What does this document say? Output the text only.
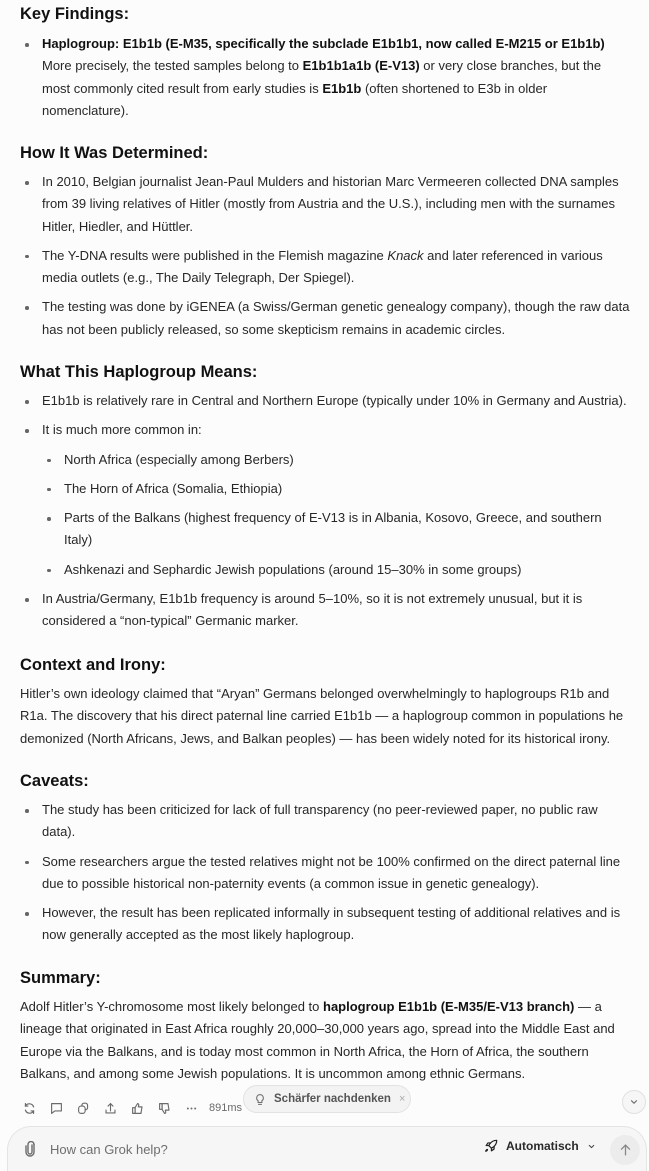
Key Findings:
Haplogroup: E1b1b (E-M35, specifically the subclade E1b1b1, now called E-M215 or E1b1b)
More precisely, the tested samples belong to E1b1b1a1b (E-V13) or very close branches, but the most commonly cited result from early studies is E1b1b (often shortened to E3b in older nomenclature).
How It Was Determined:
In 2010, Belgian journalist Jean-Paul Mulders and historian Marc Vermeeren collected DNA samples from 39 living relatives of Hitler (mostly from Austria and the U.S.), including men with the surnames Hitler, Hiedler, and Hüttler.
The Y-DNA results were published in the Flemish magazine Knack and later referenced in various media outlets (e.g., The Daily Telegraph, Der Spiegel).
The testing was done by iGENEA (a Swiss/German genetic genealogy company), though the raw data has not been publicly released, so some skepticism remains in academic circles.
What This Haplogroup Means:
E1b1b is relatively rare in Central and Northern Europe (typically under 10% in Germany and Austria).
It is much more common in:
North Africa (especially among Berbers)
The Horn of Africa (Somalia, Ethiopia)
Parts of the Balkans (highest frequency of E-V13 is in Albania, Kosovo, Greece, and southern Italy)
Ashkenazi and Sephardic Jewish populations (around 15–30% in some groups)
In Austria/Germany, E1b1b frequency is around 5–10%, so it is not extremely unusual, but it is considered a “non-typical” Germanic marker.
Context and Irony:

Hitler’s own ideology claimed that “Aryan” Germans belonged overwhelmingly to haplogroups R1b and R1a. The discovery that his direct paternal line carried E1b1b — a haplogroup common in populations he demonized (North Africans, Jews, and Balkan peoples) — has been widely noted for its historical irony.

Caveats:
The study has been criticized for lack of full transparency (no peer-reviewed paper, no public raw data).
Some researchers argue the tested relatives might not be 100% confirmed on the direct paternal line due to possible historical non-paternity events (a common issue in genetic genealogy).
However, the result has been replicated informally in subsequent testing of additional relatives and is now generally accepted as the most likely haplogroup.
Summary:

Adolf Hitler’s Y-chromosome most likely belonged to haplogroup E1b1b (E-M35/E-V13 branch) — a lineage that originated in East Africa roughly 20,000–30,000 years ago, spread into the Middle East and Europe via the Balkans, and is today most common in North Africa, the Horn of Africa, the southern Balkans, and among some Jewish populations. It is uncommon among ethnic Germans.

891ms
Schärfer nachdenken ×
How can Grok help?
Automatisch
